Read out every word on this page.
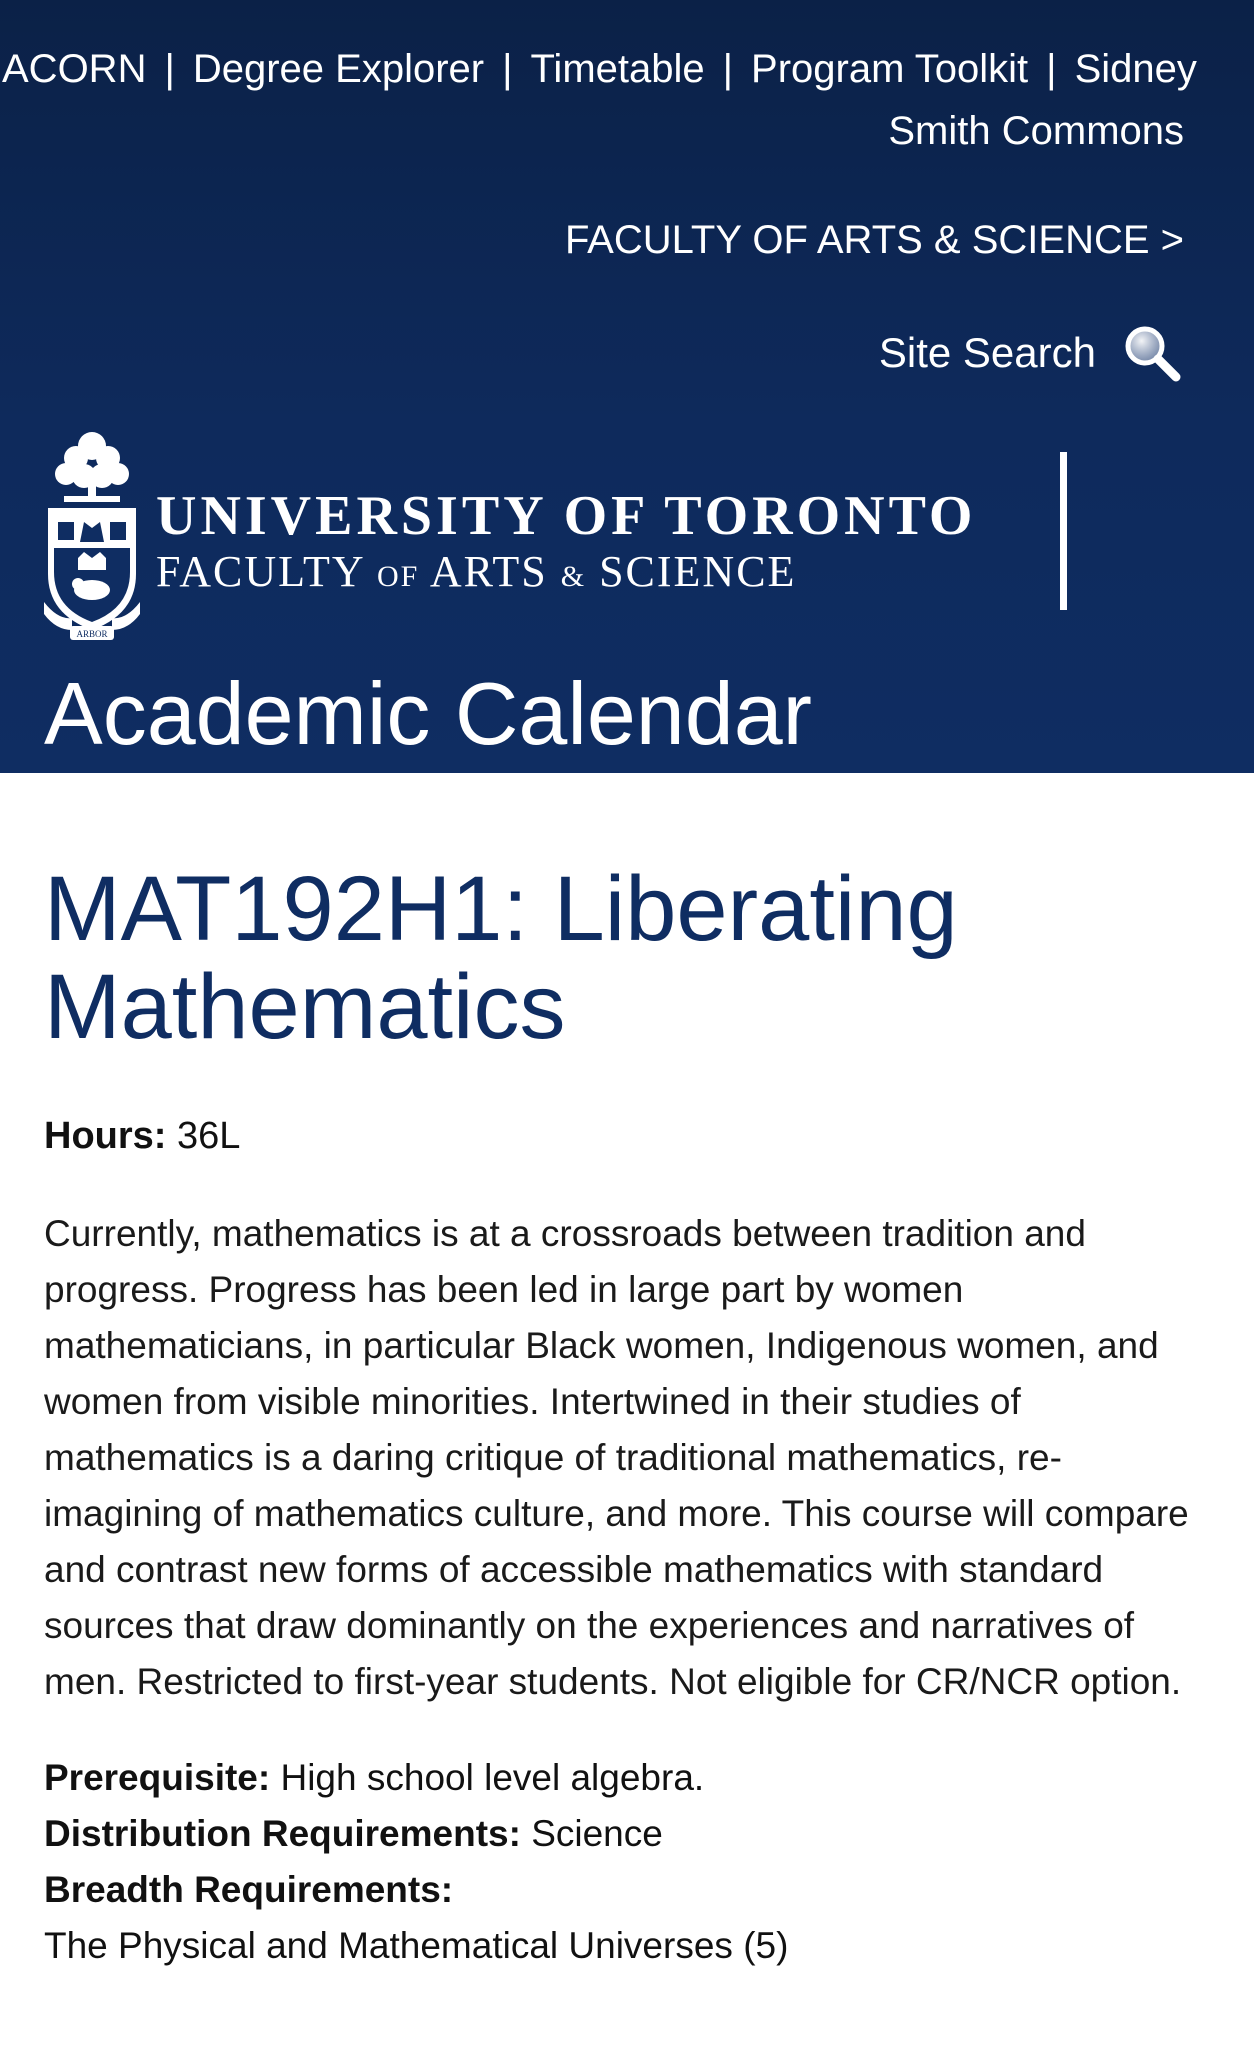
ACORN | Degree Explorer | Timetable | Program Toolkit | Sidney
Smith Commons
FACULTY OF ARTS & SCIENCE >
Site Search
ARBOR
UNIVERSITY OF TORONTO
FACULTY OF ARTS & SCIENCE
Academic Calendar
MAT192H1: Liberating Mathematics
Hours: 36L

Currently, mathematics is at a crossroads between tradition and progress. Progress has been led in large part by women mathematicians, in particular Black women, Indigenous women, and women from visible minorities. Intertwined in their studies of mathematics is a daring critique of traditional mathematics, re-imagining of mathematics culture, and more. This course will compare and contrast new forms of accessible mathematics with standard sources that draw dominantly on the experiences and narratives of men. Restricted to first-year students. Not eligible for CR/NCR option.

Prerequisite: High school level algebra.
Distribution Requirements: Science
Breadth Requirements:
The Physical and Mathematical Universes (5)
